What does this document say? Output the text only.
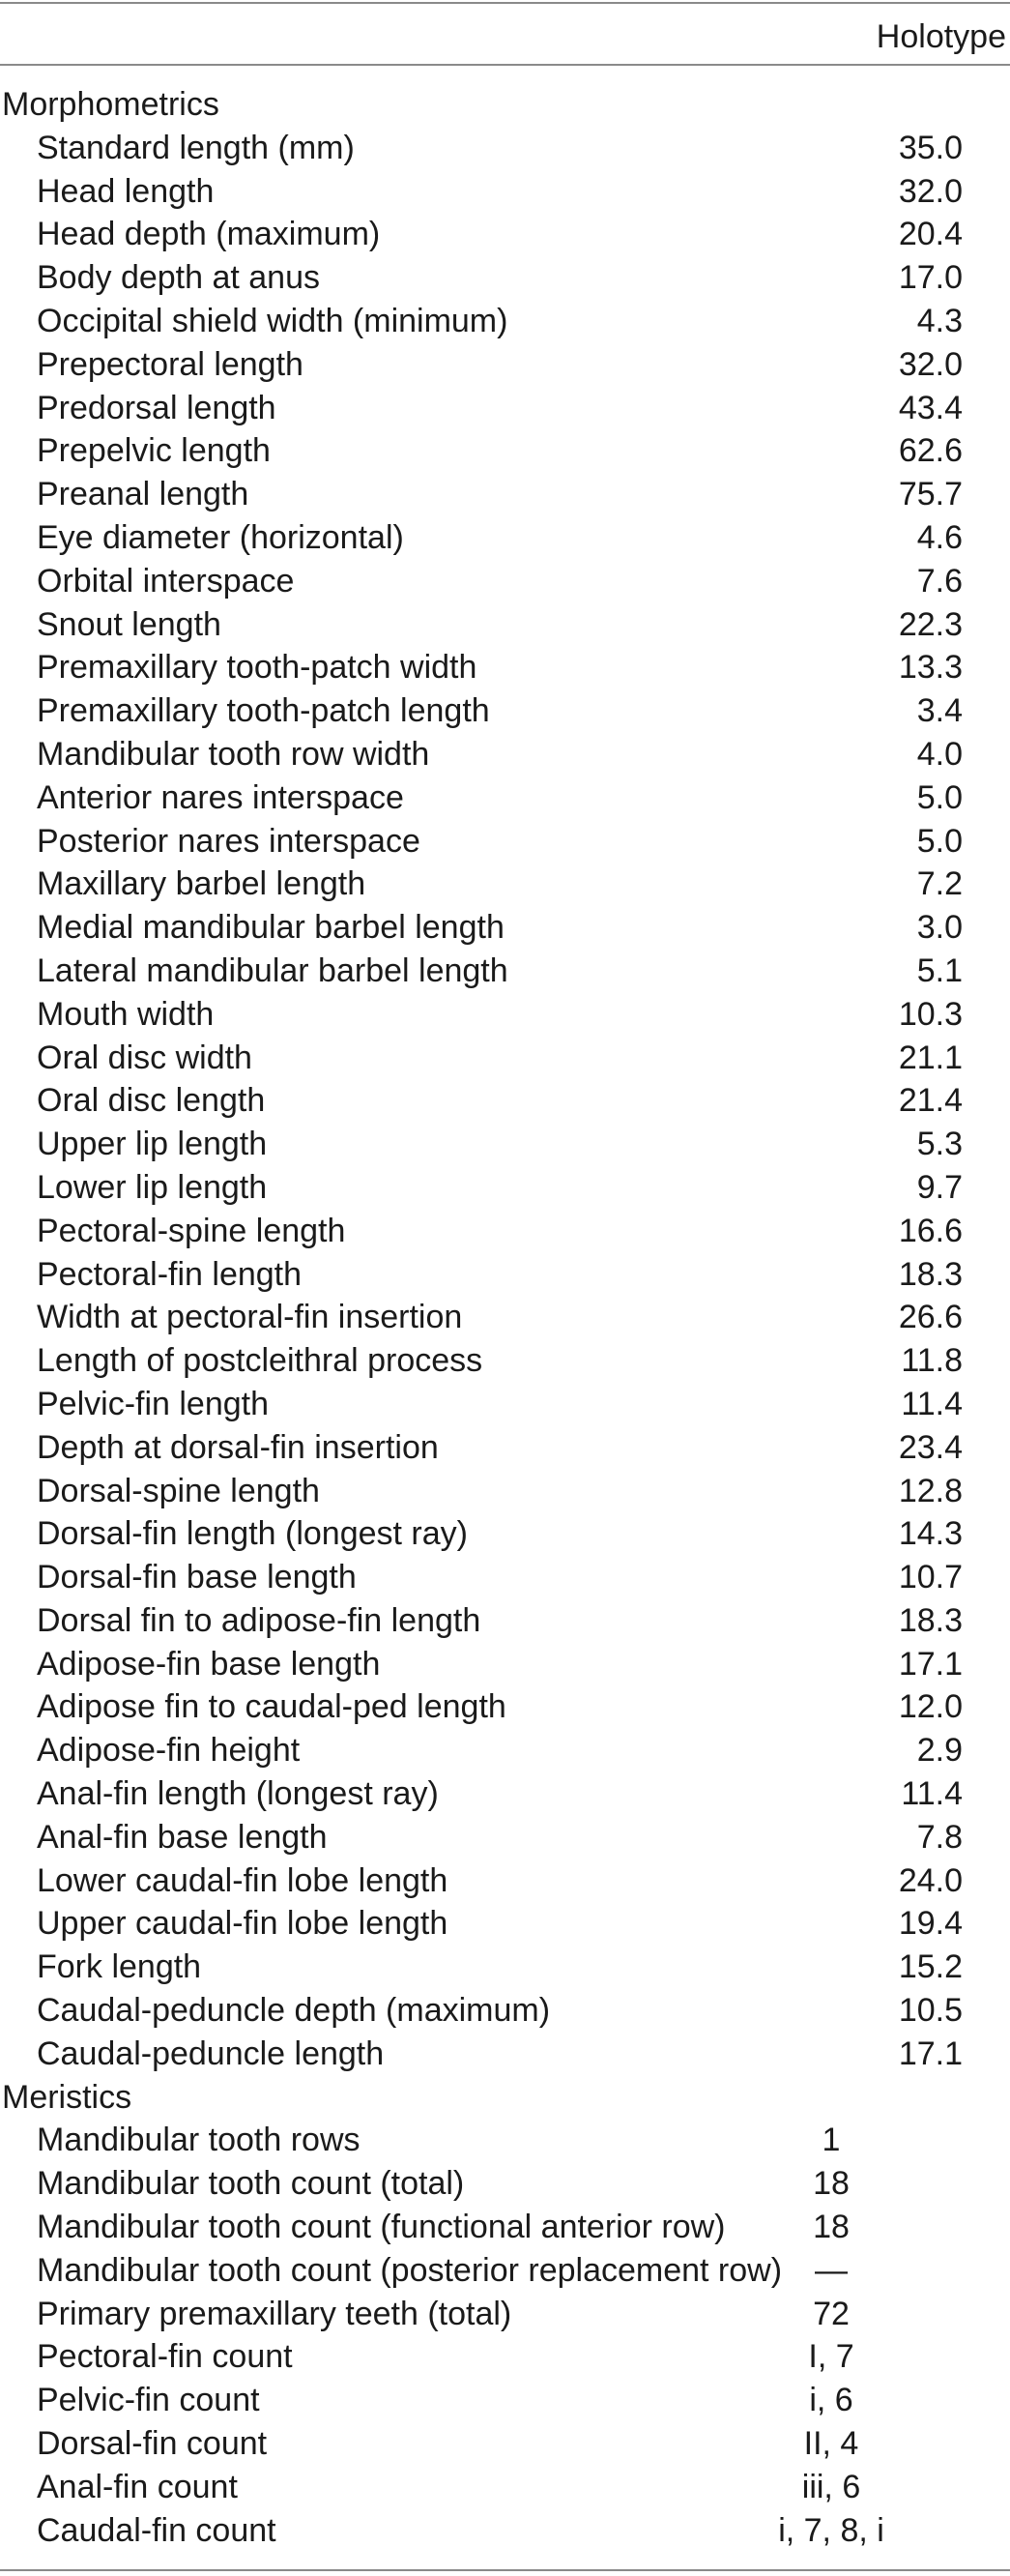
Holotype
Morphometrics
Standard length (mm)	35.0
Head length	32.0
Head depth (maximum)	20.4
Body depth at anus	17.0
Occipital shield width (minimum)	4.3
Prepectoral length	32.0
Predorsal length	43.4
Prepelvic length	62.6
Preanal length	75.7
Eye diameter (horizontal)	4.6
Orbital interspace	7.6
Snout length	22.3
Premaxillary tooth-patch width	13.3
Premaxillary tooth-patch length	3.4
Mandibular tooth row width	4.0
Anterior nares interspace	5.0
Posterior nares interspace	5.0
Maxillary barbel length	7.2
Medial mandibular barbel length	3.0
Lateral mandibular barbel length	5.1
Mouth width	10.3
Oral disc width	21.1
Oral disc length	21.4
Upper lip length	5.3
Lower lip length	9.7
Pectoral-spine length	16.6
Pectoral-fin length	18.3
Width at pectoral-fin insertion	26.6
Length of postcleithral process	11.8
Pelvic-fin length	11.4
Depth at dorsal-fin insertion	23.4
Dorsal-spine length	12.8
Dorsal-fin length (longest ray)	14.3
Dorsal-fin base length	10.7
Dorsal fin to adipose-fin length	18.3
Adipose-fin base length	17.1
Adipose fin to caudal-ped length	12.0
Adipose-fin height	2.9
Anal-fin length (longest ray)	11.4
Anal-fin base length	7.8
Lower caudal-fin lobe length	24.0
Upper caudal-fin lobe length	19.4
Fork length	15.2
Caudal-peduncle depth (maximum)	10.5
Caudal-peduncle length	17.1
Meristics
Mandibular tooth rows	1
Mandibular tooth count (total)	18
Mandibular tooth count (functional anterior row)	18
Mandibular tooth count (posterior replacement row) —
Primary premaxillary teeth (total)	72
Pectoral-fin count	I, 7
Pelvic-fin count	i, 6
Dorsal-fin count	II, 4
Anal-fin count	iii, 6
Caudal-fin count	i, 7, 8, i
